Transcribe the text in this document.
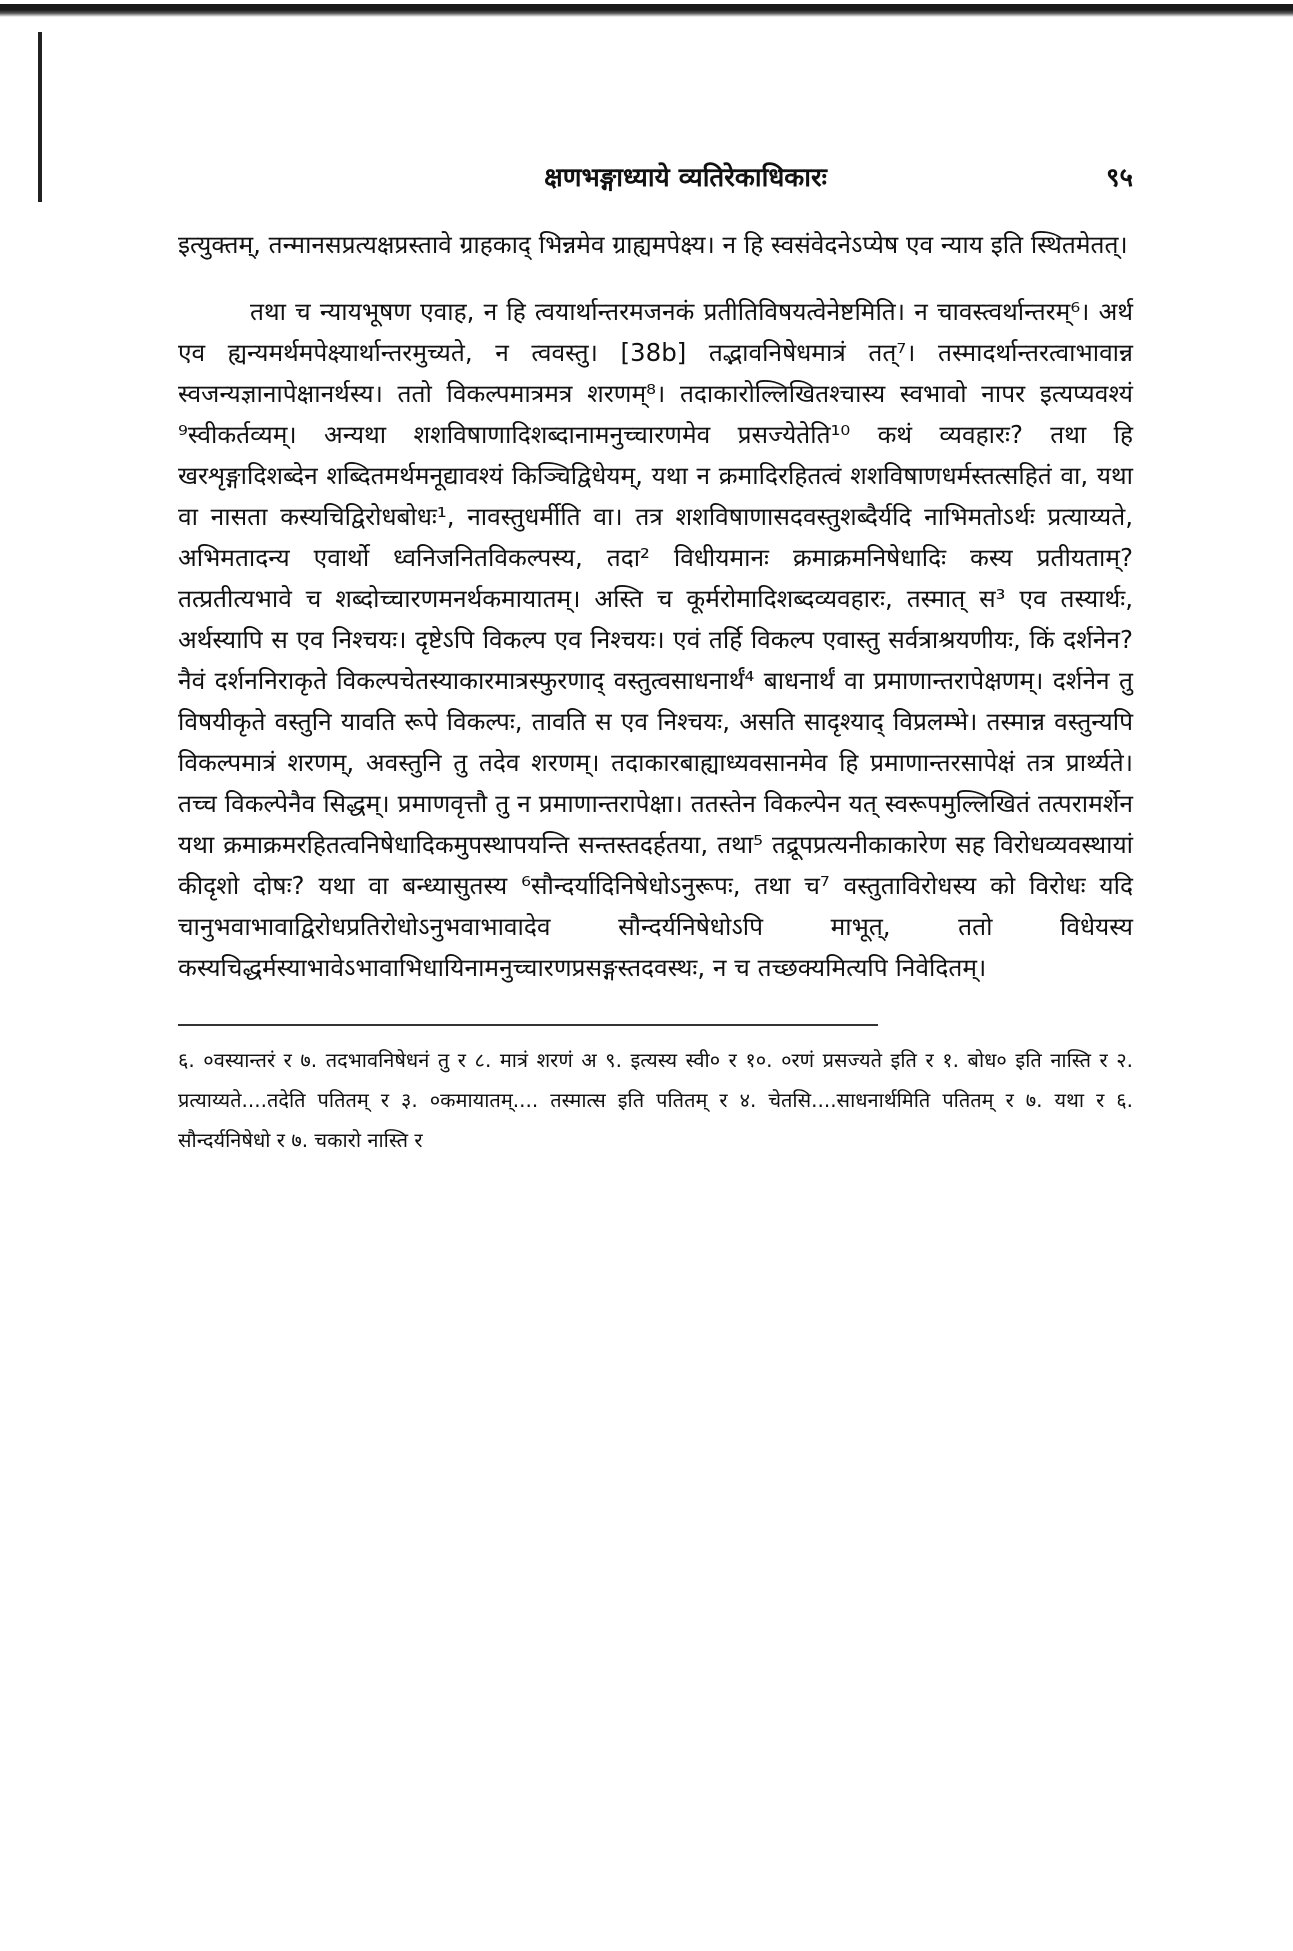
क्षणभङ्गाध्याये व्यतिरेकाधिकारः	९५

इत्युक्तम्, तन्मानसप्रत्यक्षप्रस्तावे ग्राहकाद् भिन्नमेव ग्राह्यमपेक्ष्य। न हि स्वसंवेदनेऽप्येष एव न्याय इति स्थितमेतत्।

तथा च न्यायभूषण एवाह, न हि त्वयार्थान्तरमजनकं प्रतीतिविषयत्वेनेष्टमिति। न चावस्त्वर्थान्तरम्⁶। अर्थ एव ह्यन्यमर्थमपेक्ष्यार्थान्तरमुच्यते, न त्ववस्तु। [38b] तद्भावनिषेधमात्रं तत्⁷। तस्मादर्थान्तरत्वाभावान्न स्वजन्यज्ञानापेक्षानर्थस्य। ततो विकल्पमात्रमत्र शरणम्⁸। तदाकारोल्लिखितश्चास्य स्वभावो नापर इत्यप्यवश्यं ⁹स्वीकर्तव्यम्। अन्यथा शशविषाणादिशब्दानामनुच्चारणमेव प्रसज्येतेति¹⁰ कथं व्यवहारः? तथा हि खरशृङ्गादिशब्देन शब्दितमर्थमनूद्यावश्यं किञ्चिद्विधेयम्, यथा न क्रमादिरहितत्वं शशविषाणधर्मस्तत्सहितं वा, यथा वा नासता कस्यचिद्विरोधबोधः¹, नावस्तुधर्मीति वा। तत्र शशविषाणासदवस्तुशब्दैर्यदि नाभिमतोऽर्थः प्रत्याय्यते, अभिमतादन्य एवार्थो ध्वनिजनितविकल्पस्य, तदा² विधीयमानः क्रमाक्रमनिषेधादिः कस्य प्रतीयताम्? तत्प्रतीत्यभावे च शब्दोच्चारणमनर्थकमायातम्। अस्ति च कूर्मरोमादिशब्दव्यवहारः, तस्मात् स³ एव तस्यार्थः, अर्थस्यापि स एव निश्चयः। दृष्टेऽपि विकल्प एव निश्चयः। एवं तर्हि विकल्प एवास्तु सर्वत्राश्रयणीयः, किं दर्शनेन? नैवं दर्शननिराकृते विकल्पचेतस्याकारमात्रस्फुरणाद् वस्तुत्वसाधनार्थं⁴ बाधनार्थं वा प्रमाणान्तरापेक्षणम्। दर्शनेन तु विषयीकृते वस्तुनि यावति रूपे विकल्पः, तावति स एव निश्चयः, असति सादृश्याद् विप्रलम्भे। तस्मान्न वस्तुन्यपि विकल्पमात्रं शरणम्, अवस्तुनि तु तदेव शरणम्। तदाकारबाह्याध्यवसानमेव हि प्रमाणान्तरसापेक्षं तत्र प्रार्थ्यते। तच्च विकल्पेनैव सिद्धम्। प्रमाणवृत्तौ तु न प्रमाणान्तरापेक्षा। ततस्तेन विकल्पेन यत् स्वरूपमुल्लिखितं तत्परामर्शेन यथा क्रमाक्रमरहितत्वनिषेधादिकमुपस्थापयन्ति सन्तस्तदर्हतया, तथा⁵ तद्रूपप्रत्यनीकाकारेण सह विरोधव्यवस्थायां कीदृशो दोषः? यथा वा बन्ध्यासुतस्य ⁶सौन्दर्यादिनिषेधोऽनुरूपः, तथा च⁷ वस्तुताविरोधस्य को विरोधः यदि चानुभवाभावाद्विरोधप्रतिरोधोऽनुभवाभावादेव सौन्दर्यनिषेधोऽपि माभूत्, ततो विधेयस्य कस्यचिद्धर्मस्याभावेऽभावाभिधायिनामनुच्चारणप्रसङ्गस्तदवस्थः, न च तच्छक्यमित्यपि निवेदितम्।

६. ०वस्यान्तरं र ७. तदभावनिषेधनं तु र ८. मात्रं शरणं अ ९. इत्यस्य स्वी० र १०. ०रणं प्रसज्यते इति र १. बोध० इति नास्ति र २. प्रत्याय्यते....तदेति पतितम् र ३. ०कमायातम्.... तस्मात्स इति पतितम् र ४. चेतसि....साधनार्थमिति पतितम् र ७. यथा र ६. सौन्दर्यनिषेधो र ७. चकारो नास्ति र
